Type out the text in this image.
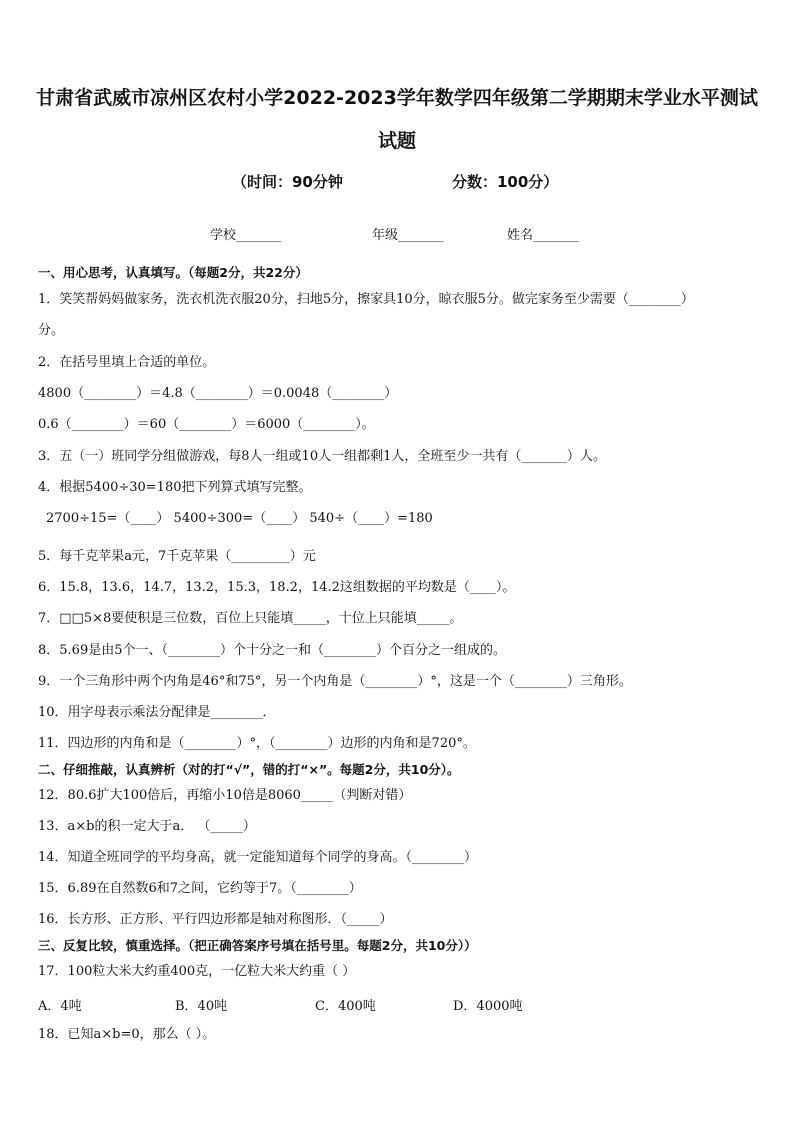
甘肃省武威市凉州区农村小学2022-2023学年数学四年级第二学期期末学业水平测试
试题
（时间：90分钟	分数：100分）
学校_______	年级_______	姓名_______
一、用心思考，认真填写。（每题2分，共22分）
1．笑笑帮妈妈做家务，洗衣机洗衣服20分，扫地5分，擦家具10分，晾衣服5分。做完家务至少需要（________）
分。
2．在括号里填上合适的单位。
4800（________）＝4.8（________）＝0.0048（________）
0.6（________）＝60（________）＝6000（________）。
3．五（一）班同学分组做游戏，每8人一组或10人一组都剩1人，全班至少一共有（_______）人。
4．根据5400÷30=180把下列算式填写完整。
2700÷15=（____） 5400÷300=（____） 540÷（____）=180
5．每千克苹果a元，7千克苹果（_________）元
6．15.8，13.6，14.7，13.2，15.3，18.2，14.2这组数据的平均数是（____）。
7．□□5×8要使积是三位数，百位上只能填_____，十位上只能填_____。
8．5.69是由5个一、（________）个十分之一和（________）个百分之一组成的。
9．一个三角形中两个内角是46°和75°，另一个内角是（________）°，这是一个（________）三角形。
10．用字母表示乘法分配律是________．
11．四边形的内角和是（________）°，（________）边形的内角和是720°。
二、仔细推敲，认真辨析（对的打“√”，错的打“×”。每题2分，共10分）。
12．80.6扩大100倍后，再缩小10倍是8060_____（判断对错）
13．a×b的积一定大于a． （_____）
14．知道全班同学的平均身高，就一定能知道每个同学的身高。（________）
15．6.89在自然数6和7之间，它约等于7。（________）
16．长方形、正方形、平行四边形都是轴对称图形．（_____）
三、反复比较，慎重选择。（把正确答案序号填在括号里。每题2分，共10分））
17．100粒大米大约重400克，一亿粒大米大约重（ ）
A．4吨	B．40吨	C．400吨	D．4000吨
18．已知a×b=0，那么（ ）。
